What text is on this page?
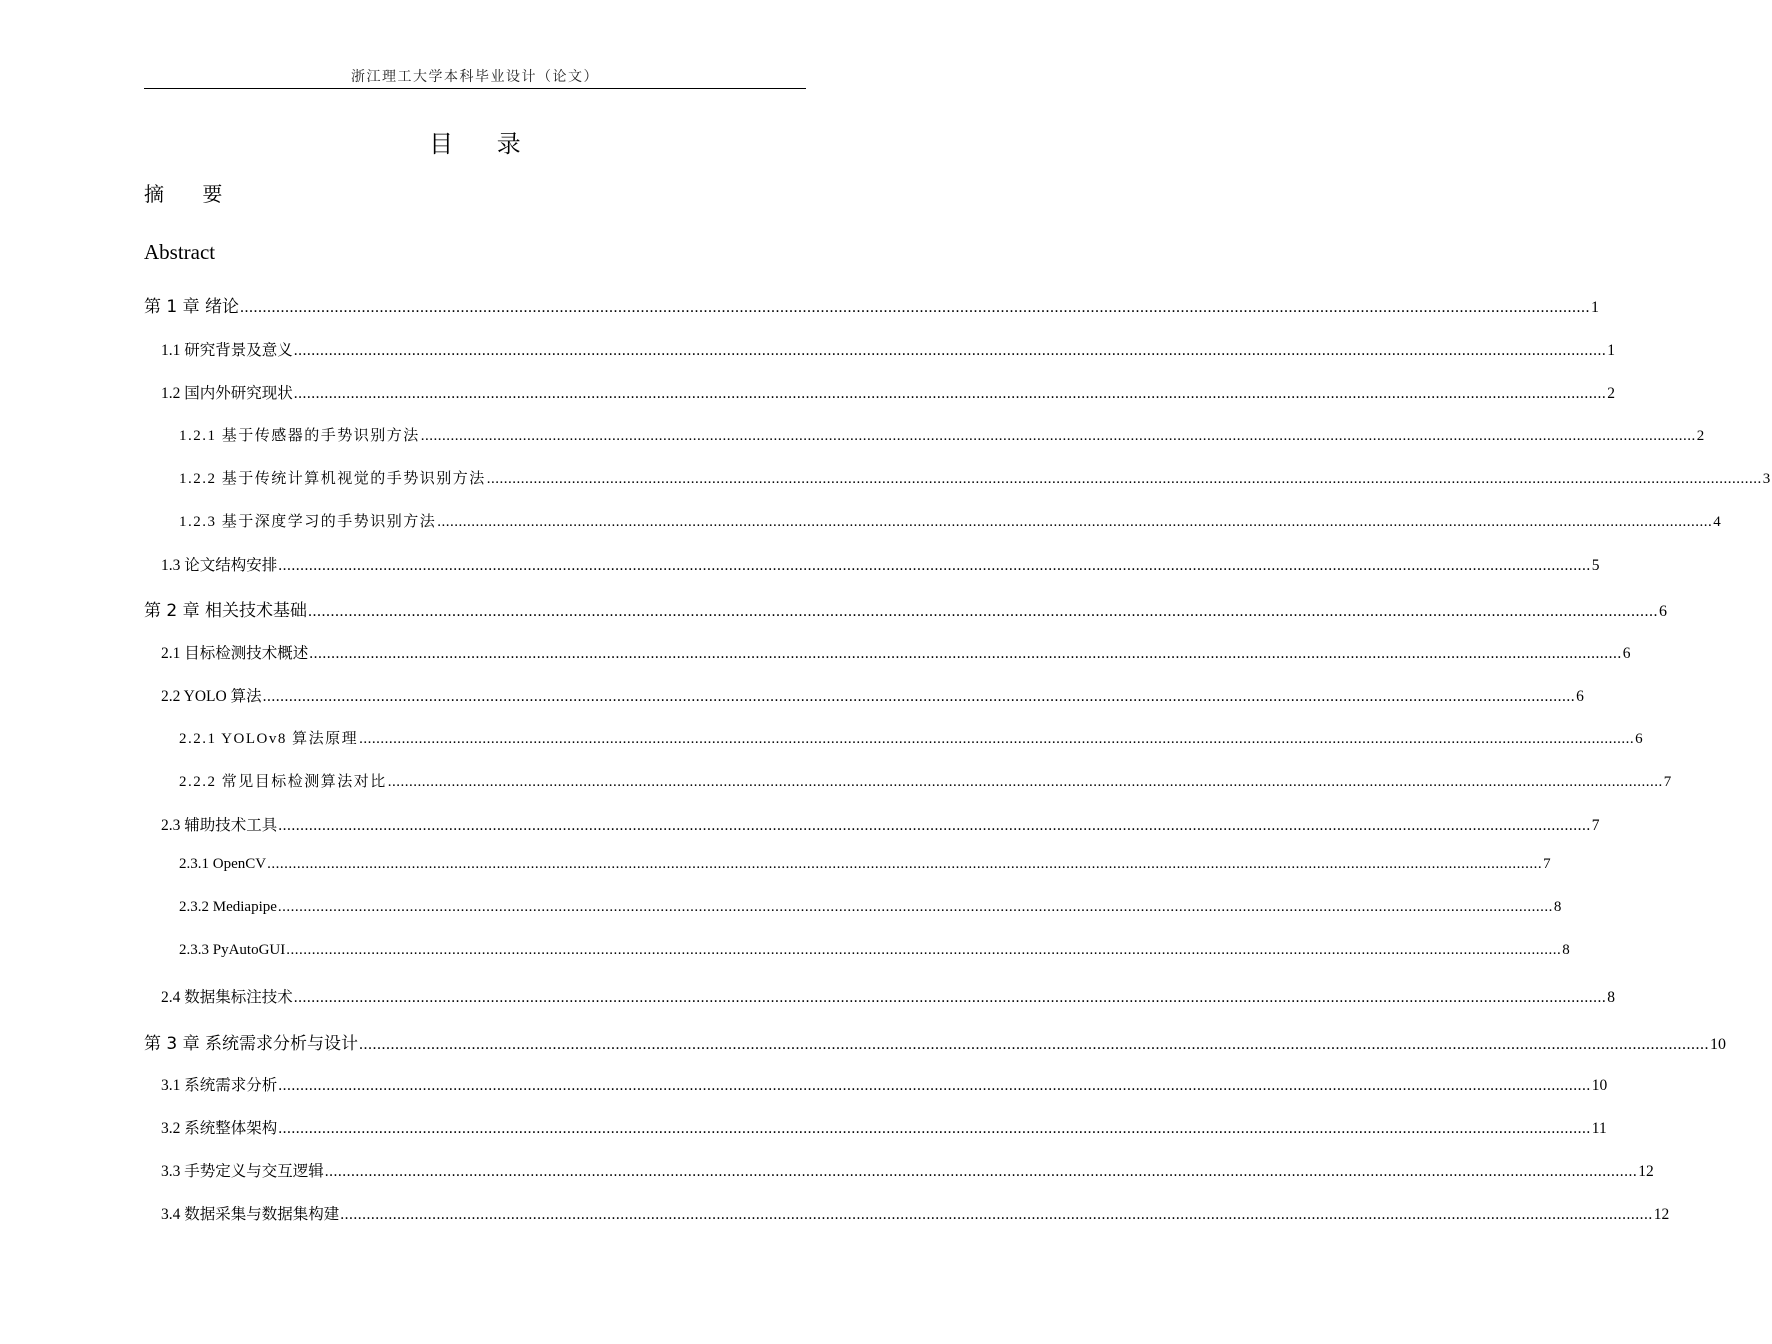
浙江理工大学本科毕业设计（论文）
目 录
摘 要
Abstract
第 1 章 绪论 ............................................................................................................................................................................................................................................................................................................ 1
1.1 研究背景及意义 ............................................................................................................................................................................................................................................................................................................ 1
1.2 国内外研究现状 ............................................................................................................................................................................................................................................................................................................ 2
1.2.1 基于传感器的手势识别方法 ............................................................................................................................................................................................................................................................................................................ 2
1.2.2 基于传统计算机视觉的手势识别方法 ............................................................................................................................................................................................................................................................................................................ 3
1.2.3 基于深度学习的手势识别方法 ............................................................................................................................................................................................................................................................................................................ 4
1.3 论文结构安排 ............................................................................................................................................................................................................................................................................................................ 5
第 2 章 相关技术基础 ............................................................................................................................................................................................................................................................................................................ 6
2.1 目标检测技术概述 ............................................................................................................................................................................................................................................................................................................ 6
2.2 YOLO 算法 ............................................................................................................................................................................................................................................................................................................ 6
2.2.1 YOLOv8 算法原理 ............................................................................................................................................................................................................................................................................................................ 6
2.2.2 常见目标检测算法对比 ............................................................................................................................................................................................................................................................................................................ 7
2.3 辅助技术工具 ............................................................................................................................................................................................................................................................................................................ 7
2.3.1 OpenCV ............................................................................................................................................................................................................................................................................................................ 7
2.3.2 Mediapipe ............................................................................................................................................................................................................................................................................................................ 8
2.3.3 PyAutoGUI ............................................................................................................................................................................................................................................................................................................ 8
2.4 数据集标注技术 ............................................................................................................................................................................................................................................................................................................ 8
第 3 章 系统需求分析与设计 ............................................................................................................................................................................................................................................................................................................ 10
3.1 系统需求分析 ............................................................................................................................................................................................................................................................................................................ 10
3.2 系统整体架构 ............................................................................................................................................................................................................................................................................................................ 11
3.3 手势定义与交互逻辑 ............................................................................................................................................................................................................................................................................................................ 12
3.4 数据采集与数据集构建 ............................................................................................................................................................................................................................................................................................................ 12
